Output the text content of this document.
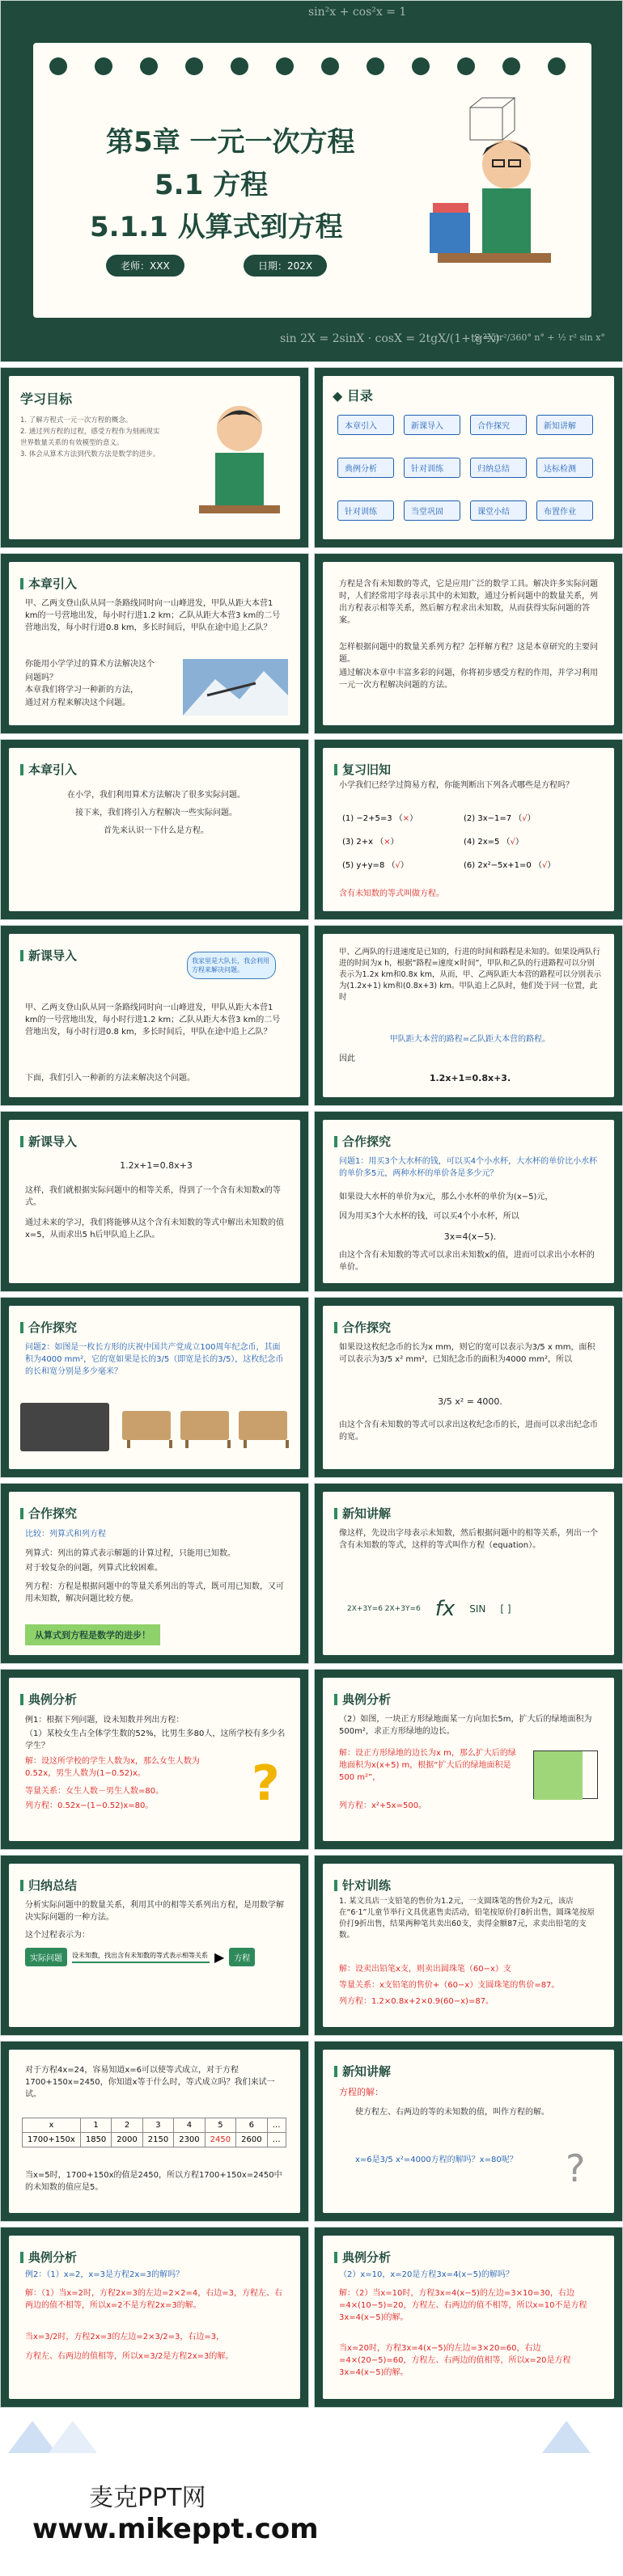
sin²x + cos²x = 1
sin 2X = 2sinX · cosX = 2tgX/(1+tg²X)
S = πr²/360° n° + ½ r² sin x°
第5章 一元一次方程
5.1 方程
5.1.1 从算式到方程
老师：XXX	日期：202X
学习目标
1. 了解方程式一元一次方程的概念。
2. 通过列方程的过程，感受方程作为刻画现实世界数量关系的有效模型的意义。
3. 体会从算术方法到代数方法是数学的进步。
◆ 目录
本章引入	新课导入	合作探究	新知讲解
典例分析	针对训练	归纳总结	达标检测
针对训练	当堂巩固	课堂小结	布置作业
本章引入
甲、乙两支登山队从同一条路线同时向一山峰进发，甲队从距大本营1 km的一号营地出发，每小时行进1.2 km；乙队从距大本营3 km的二号营地出发，每小时行进0.8 km，多长时间后，甲队在途中追上乙队？
你能用小学学过的算术方法解决这个问题吗？
本章我们将学习一种新的方法，
通过对方程来解决这个问题。
方程是含有未知数的等式，它是应用广泛的数学工具。解决许多实际问题时，人们经常用字母表示其中的未知数，通过分析问题中的数量关系，列出方程表示相等关系，然后解方程求出未知数，从而获得实际问题的答案。
怎样根据问题中的数量关系列方程？怎样解方程？这是本章研究的主要问题。
通过解决本章中丰富多彩的问题，你将初步感受方程的作用，并学习利用一元一次方程解决问题的方法。
本章引入
在小学，我们利用算术方法解决了很多实际问题。
接下来，我们将引入方程解决一些实际问题。
首先来认识一下什么是方程。
复习旧知
小学我们已经学过简易方程，你能判断出下列各式哪些是方程吗？
(1) −2+5=3 （×）	(2) 3x−1=7 （√）
(3) 2+x （×）	(4) 2x=5 （√）
(5) y+y=8 （√）	(6) 2x²−5x+1=0 （√）
含有未知数的等式叫做方程。
新课导入	我家里是大队长，我会利用方程来解决问题。
甲、乙两支登山队从同一条路线同时向一山峰进发，甲队从距大本营1 km的一号营地出发，每小时行进1.2 km；乙队从距大本营3 km的二号营地出发，每小时行进0.8 km，多长时间后，甲队在途中追上乙队？
下面，我们引入一种新的方法来解决这个问题。
甲、乙两队的行进速度是已知的，行进的时间和路程是未知的。如果设两队行进的时间为x h，根据“路程=速度×时间”，甲队和乙队的行进路程可以分别表示为1.2x km和0.8x km，从而，甲、乙两队距大本营的路程可以分别表示为(1.2x+1) km和(0.8x+3) km。甲队追上乙队时，他们处于同一位置，此时
甲队距大本营的路程=乙队距大本营的路程。
因此
1.2x+1=0.8x+3.
新课导入
1.2x+1=0.8x+3
这样，我们就根据实际问题中的相等关系，得到了一个含有未知数x的等式。
通过未来的学习，我们将能够从这个含有未知数的等式中解出未知数的值x=5，从而求出5 h后甲队追上乙队。
合作探究
问题1：用买3个大水杯的钱，可以买4个小水杯，大水杯的单价比小水杯的单价多5元，两种水杯的单价各是多少元？
如果设大水杯的单价为x元，那么小水杯的单价为(x−5)元，
因为用买3个大水杯的钱，可以买4个小水杯，所以
3x=4(x−5).
由这个含有未知数的等式可以求出未知数x的值，进而可以求出小水杯的单价。
合作探究
问题2：如图是一枚长方形的庆祝中国共产党成立100周年纪念币，其面积为4000 mm²，它的宽如果是长的3/5（即宽是长的3/5），这枚纪念币的长和宽分别是多少毫米？
合作探究
如果设这枚纪念币的长为x mm，则它的宽可以表示为3/5 x mm，面积可以表示为3/5 x² mm²，已知纪念币的面积为4000 mm²，所以
3/5 x² = 4000.
由这个含有未知数的等式可以求出这枚纪念币的长，进而可以求出纪念币的宽。
合作探究
比较：列算式和列方程
列算式：列出的算式表示解题的计算过程，只能用已知数。
对于较复杂的问题，列算式比较困难。
列方程：方程是根据问题中的等量关系列出的等式，既可用已知数，又可用未知数，解决问题比较方便。
从算式到方程是数学的进步！
新知讲解
像这样，先设出字母表示未知数，然后根据问题中的相等关系，列出一个含有未知数的等式，这样的等式叫作方程（equation）。
2X+3Y=6 2X+3Y=6 fx SIN [ ]
典例分析
例1：根据下列问题，设未知数并列出方程：
（1）某校女生占全体学生数的52%，比男生多80人，这所学校有多少名学生？
解：设这所学校的学生人数为x，那么女生人数为0.52x，男生人数为(1−0.52)x。
等量关系：女生人数－男生人数=80。
列方程：0.52x−(1−0.52)x=80。	?
典例分析
（2）如图，一块正方形绿地面某一方向加长5m，扩大后的绿地面积为500m²，求正方形绿地的边长。
解：设正方形绿地的边长为x m，那么扩大后的绿地面积为x(x+5) m，根据“扩大后的绿地面积是500 m²”，
列方程：x²+5x=500。
归纳总结
分析实际问题中的数量关系，利用其中的相等关系列出方程，是用数学解决实际问题的一种方法。
这个过程表示为：
实际问题	设未知数，找出含有未知数的等式表示相等关系 ▶	方程
针对训练
1. 某文具店一支铅笔的售价为1.2元，一支圆珠笔的售价为2元，该店在“6·1”儿童节举行文具优惠售卖活动，铅笔按原价打8折出售，圆珠笔按原价打9折出售，结果两种笔共卖出60支，卖得金额87元，求卖出铅笔的支数。
解：设卖出铅笔x支，则卖出圆珠笔（60−x）支
等量关系：x支铅笔的售价+（60−x）支圆珠笔的售价=87。
列方程：1.2×0.8x+2×0.9(60−x)=87。
对于方程4x=24，容易知道x=6可以使等式成立，对于方程1700+150x=2450，你知道x等于什么时，等式成立吗？我们来试一试。
x	1	2	3	4	5	6	…
1700+150x	1850	2000	2150	2300	2450	2600	…
当x=5时，1700+150x的值是2450，所以方程1700+150x=2450中的未知数的值应是5。
新知讲解
方程的解：
使方程左、右两边的等的未知数的值，叫作方程的解。
x=6是3/5 x²=4000方程的解吗？x=80呢？	?
典例分析
例2：（1）x=2，x=3是方程2x=3的解吗？
解：（1）当x=2时，方程2x=3的左边=2×2=4，右边=3，方程左、右两边的值不相等，所以x=2不是方程2x=3的解。
当x=3/2时，方程2x=3的左边=2×3/2=3，右边=3，
方程左、右两边的值相等，所以x=3/2是方程2x=3的解。
典例分析
（2）x=10，x=20是方程3x=4(x−5)的解吗？
解：（2）当x=10时，方程3x=4(x−5)的左边=3×10=30，右边=4×(10−5)=20，方程左、右两边的值不相等，所以x=10不是方程3x=4(x−5)的解。
当x=20时，方程3x=4(x−5)的左边=3×20=60，右边=4×(20−5)=60，方程左、右两边的值相等，所以x=20是方程3x=4(x−5)的解。
麦克PPT网
www.mikeppt.com
